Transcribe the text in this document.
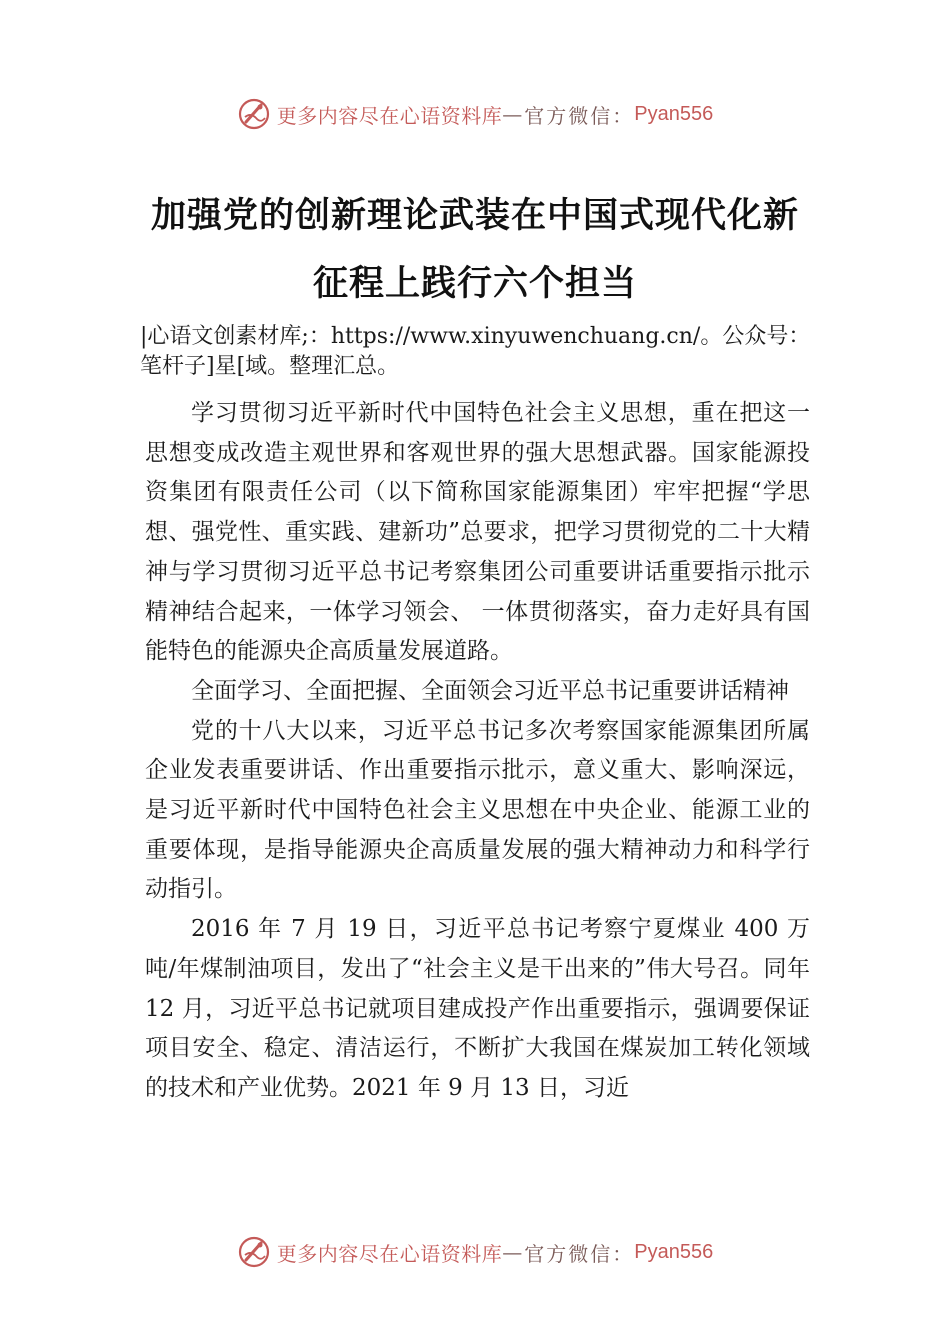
更多内容尽在心语资料库 — 官方微信： Pyan556
加强党的创新理论武装在中国式现代化新
征程上践行六个担当
|心语文创素材库;：https://www.xinyuwenchuang.cn/。公众号：笔杆子]星[域。整理汇总。

学习贯彻习近平新时代中国特色社会主义思想，重在把这一思想变成改造主观世界和客观世界的强大思想武器。国家能源投资集团有限责任公司（以下简称国家能源集团）牢牢把握“学思想、强党性、重实践、建新功”总要求，把学习贯彻党的二十大精神与学习贯彻习近平总书记考察集团公司重要讲话重要指示批示精神结合起来，一体学习领会、 一体贯彻落实，奋力走好具有国能特色的能源央企高质量发展道路。

全面学习、全面把握、全面领会习近平总书记重要讲话精神

党的十八大以来，习近平总书记多次考察国家能源集团所属企业发表重要讲话、作出重要指示批示，意义重大、影响深远，是习近平新时代中国特色社会主义思想在中央企业、能源工业的重要体现，是指导能源央企高质量发展的强大精神动力和科学行动指引。

2016 年 7 月 19 日，习近平总书记考察宁夏煤业 400 万吨/年煤制油项目，发出了“社会主义是干出来的”伟大号召。同年 12 月，习近平总书记就项目建成投产作出重要指示，强调要保证项目安全、稳定、清洁运行，不断扩大我国在煤炭加工转化领域的技术和产业优势。2021 年 9 月 13 日，习近

更多内容尽在心语资料库 — 官方微信： Pyan556
